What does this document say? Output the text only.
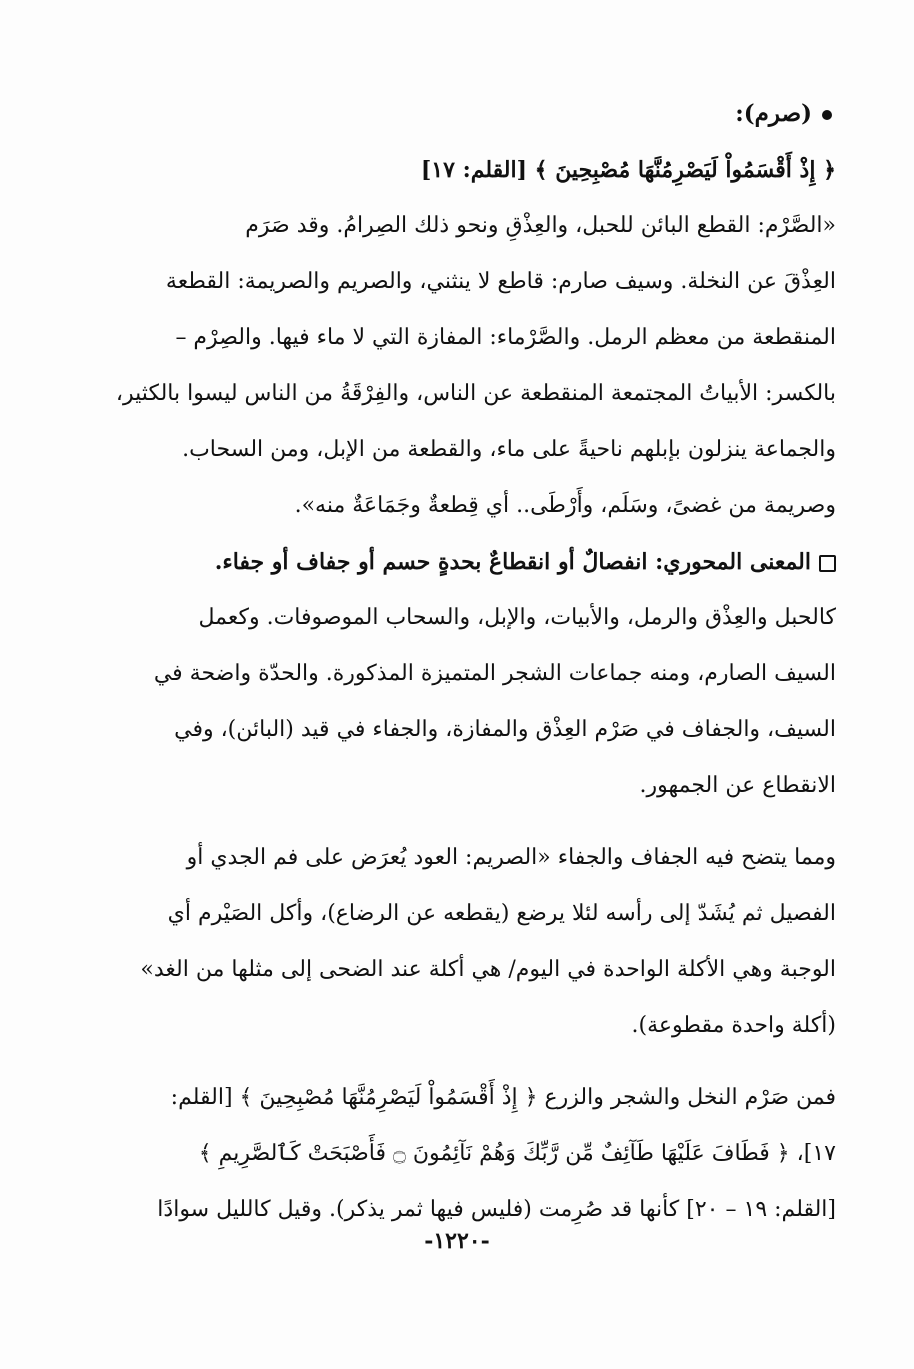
(صرم):
﴿ إِذْ أَقْسَمُواْ لَيَصْرِمُنَّهَا مُصْبِحِينَ ﴾ [القلم: ١٧]
«الصَّرْم: القطع البائن للحبل، والعِذْقِ ونحو ذلك الصِرامُ. وقد صَرَم
العِذْقَ عن النخلة. وسيف صارم: قاطع لا ينثني، والصريم والصريمة: القطعة
المنقطعة من معظم الرمل. والصَّرْماء: المفازة التي لا ماء فيها. والصِرْم –
بالكسر: الأبياتُ المجتمعة المنقطعة عن الناس، والفِرْقَةُ من الناس ليسوا بالكثير،
والجماعة ينزلون بإبلهم ناحيةً على ماء، والقطعة من الإبل، ومن السحاب.
وصريمة من غضىً، وسَلَم، وأَرْطَى.. أي قِطعةٌ وجَمَاعَةٌ منه».
المعنى المحوري: انفصالٌ أو انقطاعٌ بحدةٍ حسم أو جفاف أو جفاء.
كالحبل والعِذْق والرمل، والأبيات، والإبل، والسحاب الموصوفات. وكعمل
السيف الصارم، ومنه جماعات الشجر المتميزة المذكورة. والحدّة واضحة في
السيف، والجفاف في صَرْم العِذْق والمفازة، والجفاء في قيد (البائن)، وفي
الانقطاع عن الجمهور.
ومما يتضح فيه الجفاف والجفاء «الصريم: العود يُعرَض على فم الجدي أو
الفصيل ثم يُشَدّ إلى رأسه لئلا يرضع (يقطعه عن الرضاع)، وأكل الصَيْرم أي
الوجبة وهي الأكلة الواحدة في اليوم/ هي أكلة عند الضحى إلى مثلها من الغد»
(أكلة واحدة مقطوعة).
فمن صَرْم النخل والشجر والزرع ﴿ إِذْ أَقْسَمُواْ لَيَصْرِمُنَّهَا مُصْبِحِينَ ﴾ [القلم:
١٧]، ﴿ فَطَافَ عَلَيْهَا طَآئِفٌ مِّن رَّبِّكَ وَهُمْ نَآئِمُونَ ۝ فَأَصْبَحَتْ كَٱلصَّرِيمِ ﴾
[القلم: ١٩ – ٢٠] كأنها قد صُرِمت (فليس فيها ثمر يذكر). وقيل كالليل سوادًا
-١٢٢٠-
